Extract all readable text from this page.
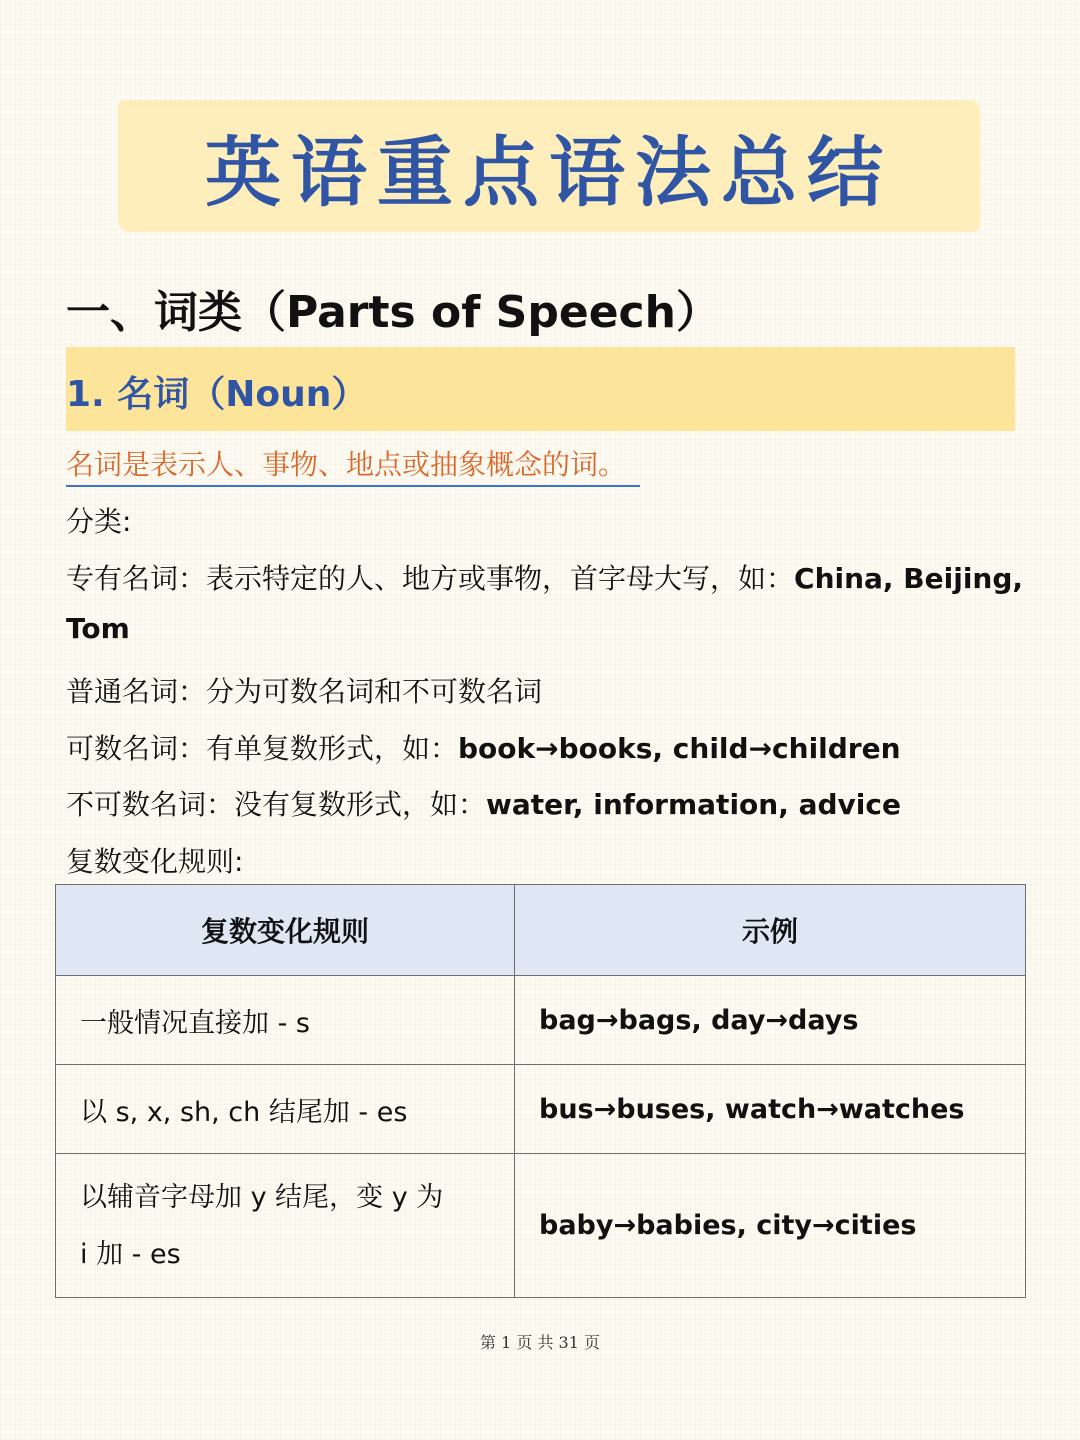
英语重点语法总结
一、词类（Parts of Speech）
1. 名词（Noun）
名词是表示人、事物、地点或抽象概念的词。
分类:
专有名词：表示特定的人、地方或事物，首字母大写，如：China, Beijing,
Tom
普通名词：分为可数名词和不可数名词
可数名词：有单复数形式，如：book→books, child→children
不可数名词：没有复数形式，如：water, information, advice
复数变化规则:
复数变化规则	示例
一般情况直接加 - s	bag→bags, day→days
以 s, x, sh, ch 结尾加 - es	bus→buses, watch→watches

以辅音字母加 y 结尾，变 y 为
i 加 - es	baby→babies, city→cities
第 1 页 共 31 页
